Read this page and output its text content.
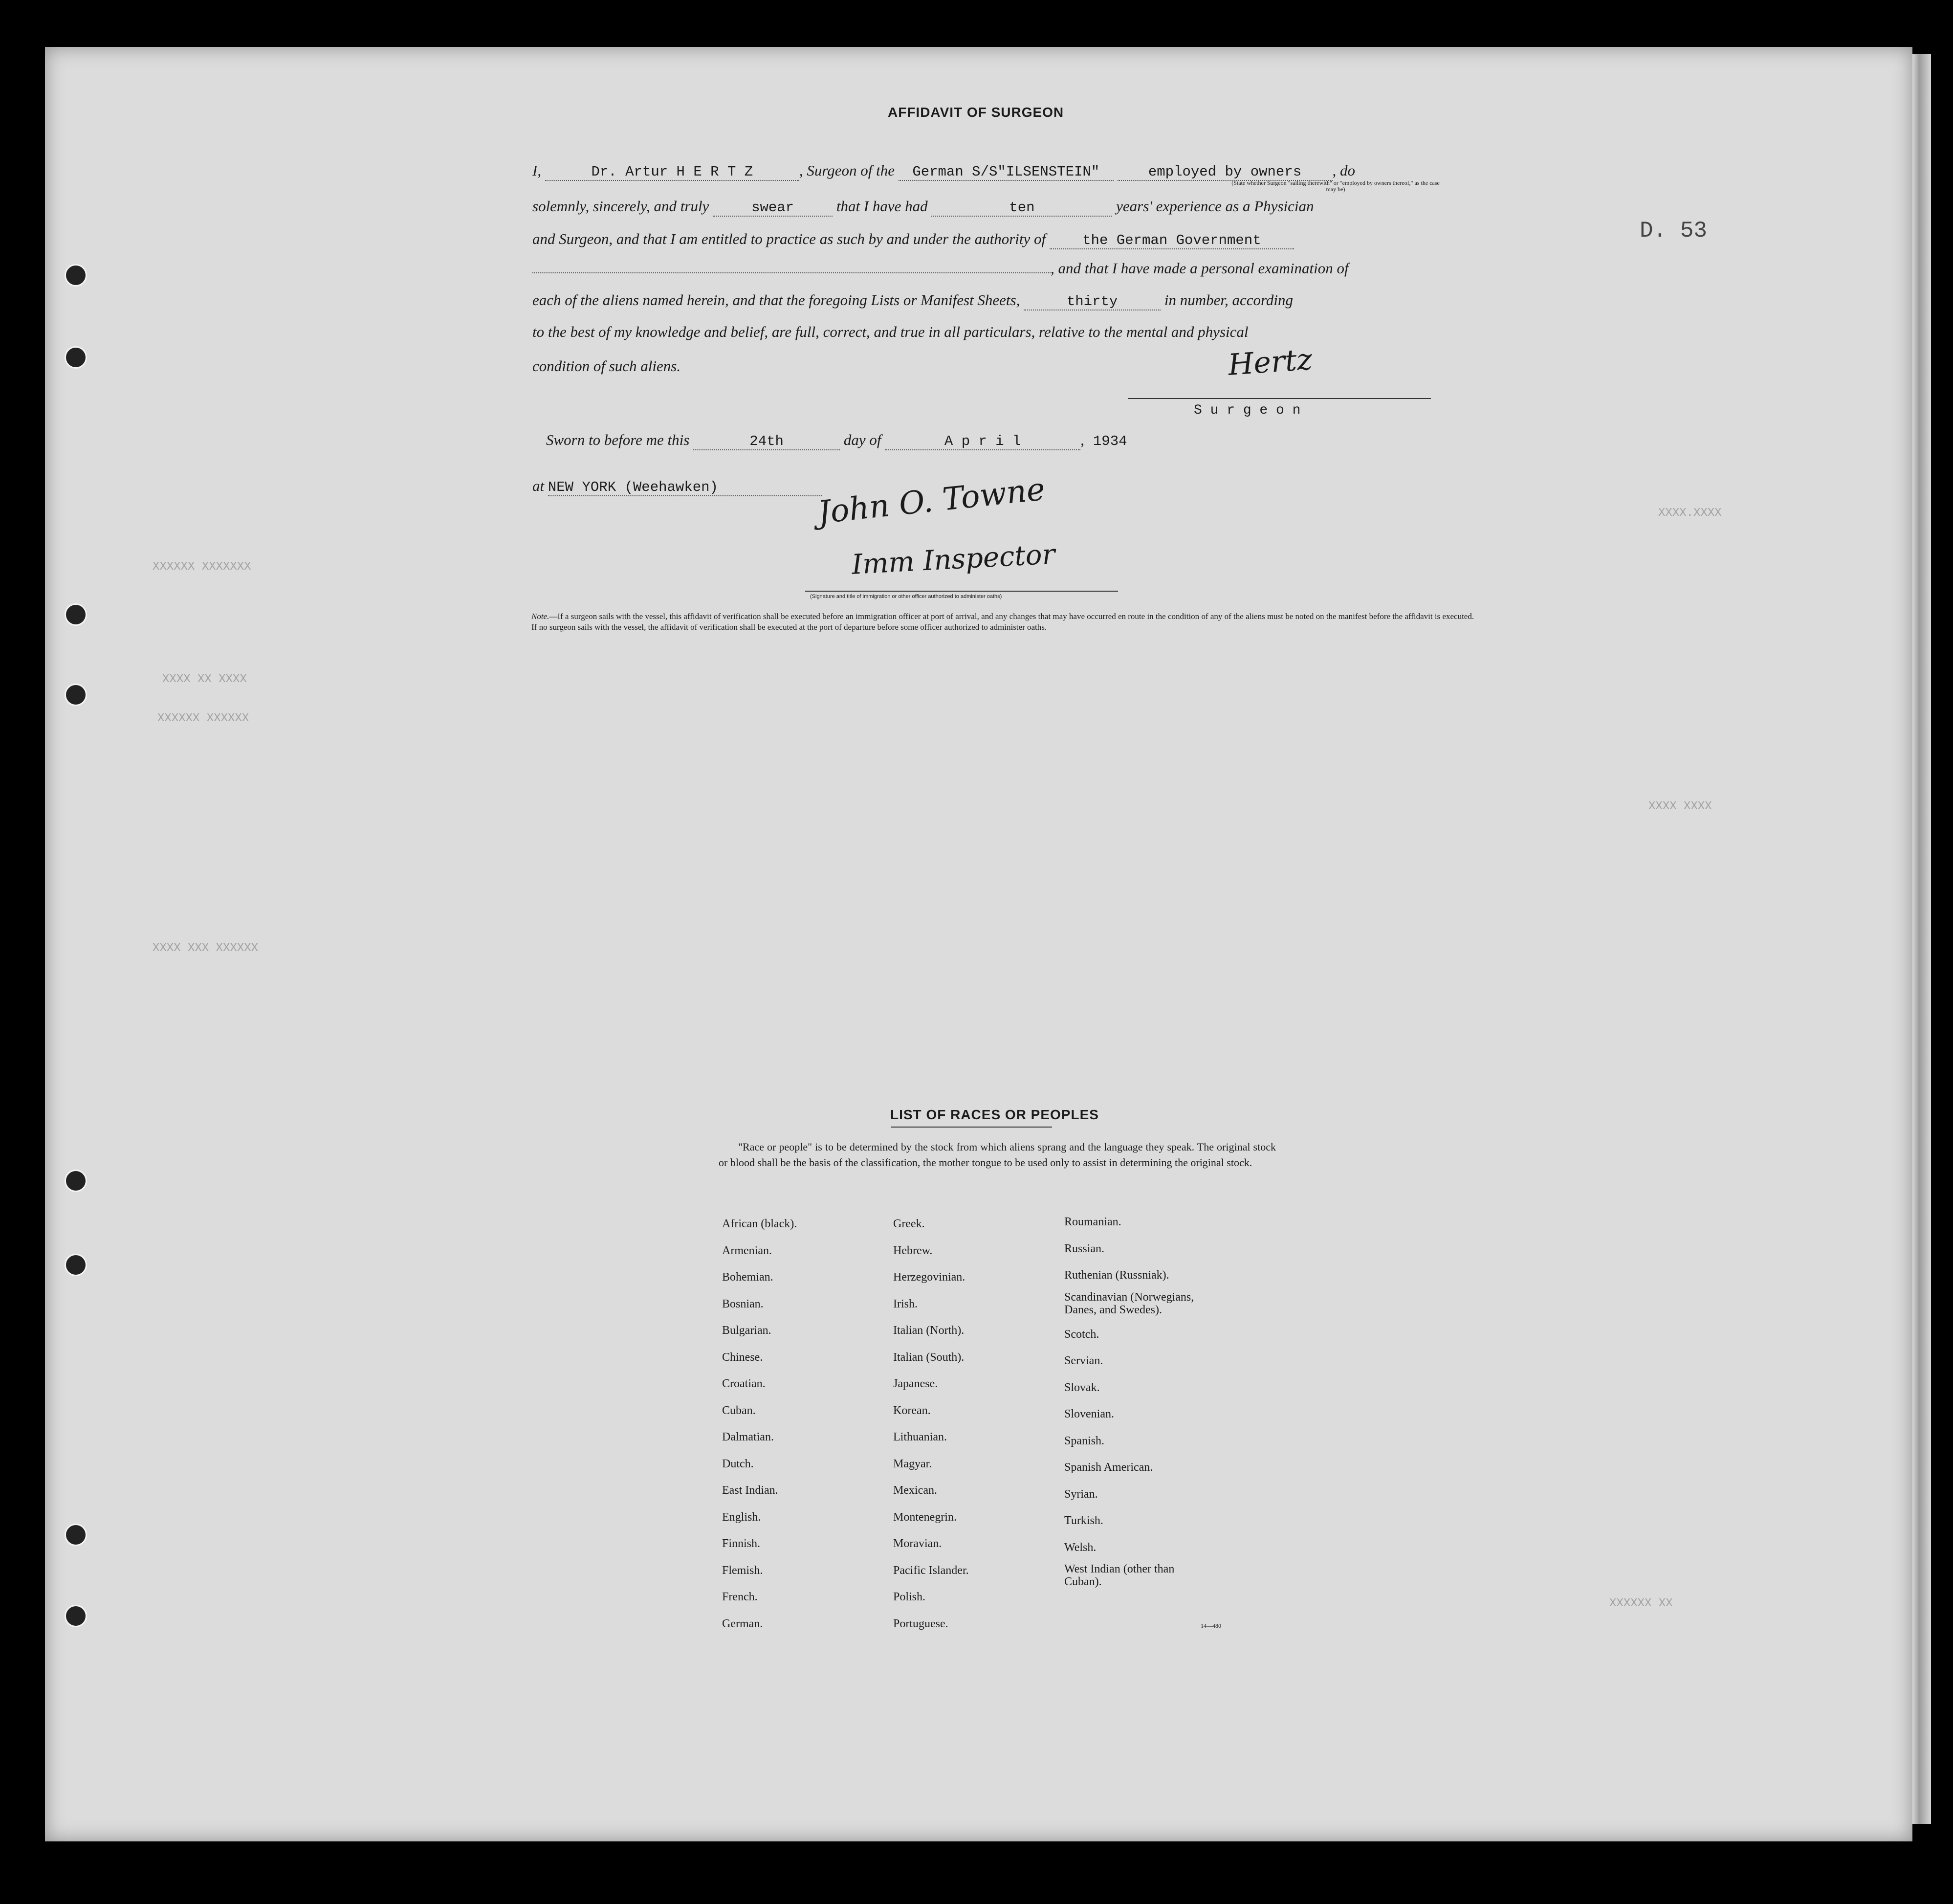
XXXXXXX XXXXXX
XXXX XX XXXX
XXXXXX XXXXXX
XXXXXX XXX XXXX
XXXX.XXXX
XXXX XXXX
XX XXXXXX
AFFIDAVIT OF SURGEON
I,	Dr. Artur H E R T Z	, Surgeon of the German S/S"ILSENSTEIN"	employed by owners , do
(State whether Surgeon "sailing therewith" or "employed by owners thereof," as the case may be)
solemnly, sincerely, and truly	swear	that I have had	ten	years' experience as a Physician
and Surgeon, and that I am entitled to practice as such by and under the authority of	the German Government
, and that I have made a personal examination of
each of the aliens named herein, and that the foregoing Lists or Manifest Sheets,	thirty	in number, according
to the best of my knowledge and belief, are full, correct, and true in all particulars, relative to the mental and physical
condition of such aliens.	Hertz
S u r g e o n
Sworn to before me this	24th	day of	A p r i l	, 1934
at NEW YORK (Weehawken)	John O. Towne
Imm Inspector
(Signature and title of immigration or other officer authorized to administer oaths)
Note.—If a surgeon sails with the vessel, this affidavit of verification shall be executed before an immigration officer at port of arrival, and any changes that may have occurred en route in the condition of any of the aliens must be noted on the manifest before the affidavit is executed.
If no surgeon sails with the vessel, the affidavit of verification shall be executed at the port of departure before some officer authorized to administer oaths.
D. 53
LIST OF RACES OR PEOPLES
"Race or people" is to be determined by the stock from which aliens sprang and the language they speak. The original stock or blood shall be the basis of the classification, the mother tongue to be used only to assist in determining the original stock.
African (black).
Armenian.
Bohemian.
Bosnian.
Bulgarian.
Chinese.
Croatian.
Cuban.
Dalmatian.
Dutch.
East Indian.
English.
Finnish.
Flemish.
French.
German.
Greek.
Hebrew.
Herzegovinian.
Irish.
Italian (North).
Italian (South).
Japanese.
Korean.
Lithuanian.
Magyar.
Mexican.
Montenegrin.
Moravian.
Pacific Islander.
Polish.
Portuguese.
Roumanian.
Russian.
Ruthenian (Russniak).
Scandinavian (Norwegians, Danes, and Swedes).
Scotch.
Servian.
Slovak.
Slovenian.
Spanish.
Spanish American.
Syrian.
Turkish.
Welsh.
West Indian (other than Cuban).
14—480
